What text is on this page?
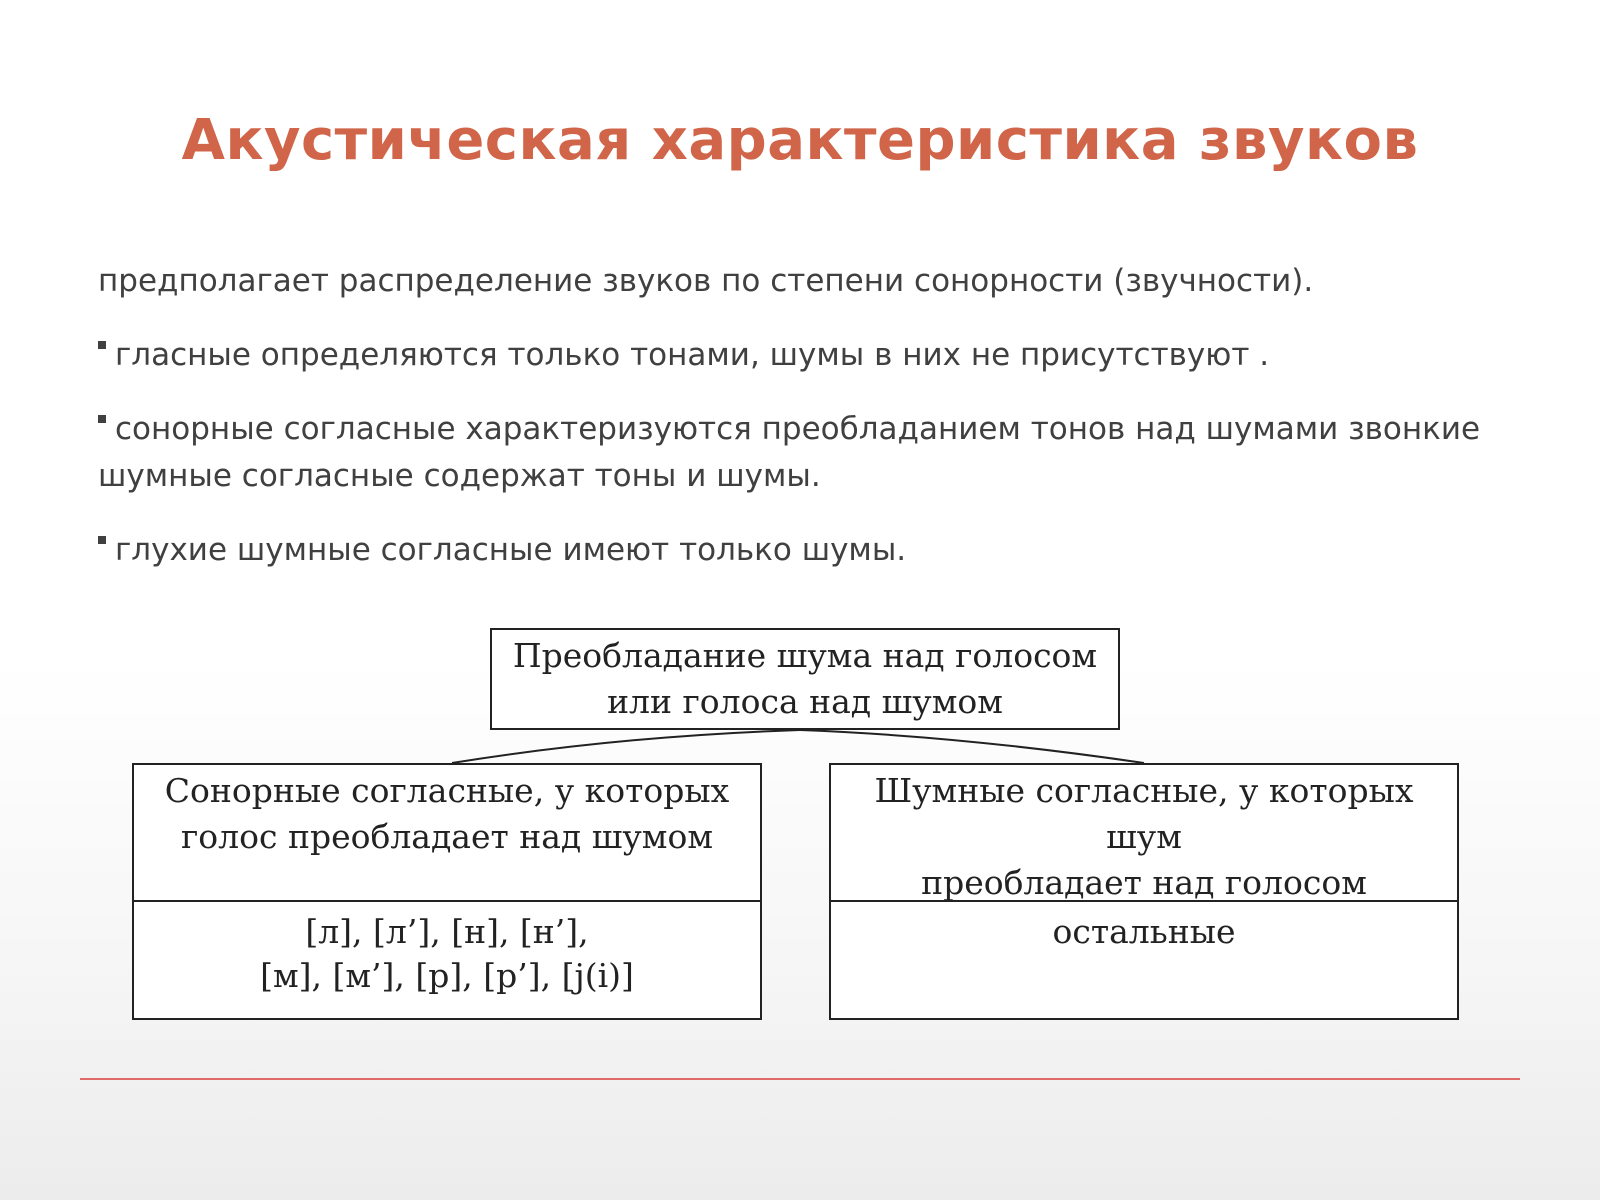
Акустическая характеристика звуков

предполагает распределение звуков по степени сонорности (звучности).

гласные определяются только тонами, шумы в них не присутствуют .

сонорные согласные характеризуются преобладанием тонов над шумами звонкие шумные согласные содержат тоны и шумы.

глухие шумные согласные имеют только шумы.

Преобладание шума над голосом
или голоса над шумом
Сонорные согласные, у которых
голос преобладает над шумом
[л], [л’], [н], [н’],
[м], [м’], [р], [р’], [j(i)]
Шумные согласные, у которых шум
преобладает над голосом
остальные
